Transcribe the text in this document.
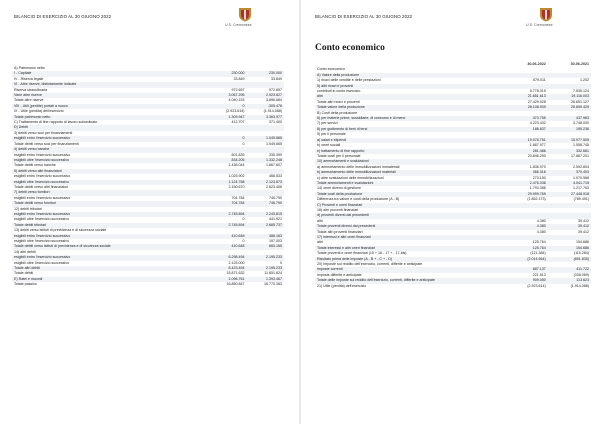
BILANCIO DI ESERCIZIO AL 30 GIUGNO 2022
U.S. Cremonese
A) Patrimonio netto		
I - Capitale	230.000	230.000
IV - Riserva legale	33.849	33.849
VI - Altre riserve, distintamente indicate		
Riserva straordinaria	972.657	972.657
Varie altre riserve	3.067.295	2.923.627
Totale altre riserve	4.040.153	3.896.684
VIII - Utili (perdite) portati a nuovo	0	-305.476
IX - Utile (perdita) dell'esercizio	(2.923.614)	(1.914.088)
Totale patrimonio netto	1.309.947	3.363.977
C) Trattamento di fine rapporto di lavoro subordinato	412.707	371.400
D) Debiti		
3) debiti verso soci per finanziamenti		
esigibili entro l'esercizio successivo	0	1.049.665
Totale debiti verso soci per finanziamenti	0	1.049.665
4) debiti verso banche		
esigibili entro l'esercizio successivo	601.839	335.399
esigibili oltre l'esercizio successivo	834.205	1.332.248
Totale debiti verso banche	1.436.044	1.667.607
5) debiti verso altri finanziatori		
esigibili entro l'esercizio successivo	1.025.902	466.533
esigibili oltre l'esercizio successivo	1.124.768	2.123.873
Totale debiti verso altri finanziatori	2.150.670	2.623.406
7) debiti verso fornitori		
esigibili entro l'esercizio successivo	704.784	746.790
Totale debiti verso fornitori	704.784	746.790
12) debiti tributari		
esigibili entro l'esercizio successivo	2.745.894	2.243.815
esigibili oltre l'esercizio successivo	0	441.921
Totale debiti tributari	2.745.894	2.685.737
13) debiti verso istituti di previdenza e di sicurezza sociale		
esigibili entro l'esercizio successivo	410.648	486.163
esigibili oltre l'esercizio successivo	0	197.003
Totale debiti verso istituti di previdenza e di sicurezza sociale	410.648	683.165
14) altri debiti		
esigibili entro l'esercizio successivo	6.298.494	2.195.233
esigibili oltre l'esercizio successivo	2.125.000	0
Totale altri debiti	8.423.494	2.195.233
Totale debiti	15.871.632	11.651.624
E) Ratei e risconti	1.096.761	1.393.467
Totale passivo	16.850.847	16.770.363
BILANCIO DI ESERCIZIO AL 30 GIUGNO 2022
U.S. Cremonese
Conto economico
	30-06-2022	30-06-2021
Conto economico		
A) Valore della produzione		
1) ricavi delle vendite e delle prestazioni	679.011	1.202
5) altri ricavi e proventi		
contributi in conto esercizio	5.778.315	7.535.124
altri	21.651.613	19.116.003
Totale altri ricavi e proventi	27.429.928	26.651.127
Totale valore della produzione	28.108.939	26.659.429
B) Costi della produzione		
6) per materie prime, sussidiarie, di consumo e di merci	473.755	437.983
7) per servizi	4.223.432	3.748.000
8) per godimento di beni di terzi	186.837	195.236
9) per il personale		
a) salari e stipendi	19.076.751	15.977.505
b) oneri sociali	1.687.977	1.558.745
e) trattamento di fine rapporto	281.486	332.681
Totale costi per il personale	20.846.290	17.867.201
10) ammortamenti e svalutazioni		
a) ammortamento delle immobilizzazioni immateriali	1.836.970	2.592.804
b) ammortamento delle immobilizzazioni materiali	366.316	370.403
c) altre svalutazioni delle immobilizzazioni	273.150	1.070.568
Totale ammortamenti e svalutazioni	2.476.336	4.041.715
14) oneri diversi di gestione	1.793.386	1.217.763
Totale costi della produzione	29.999.769	27.448.918
Differenza tra valore e costi della produzione (A - B)	(1.852.173)	(789.491)
C) Proventi e oneri finanziari		
16) altri proventi finanziari		
d) proventi diversi dai precedenti		
altri	4.380	39.412
Totale proventi diversi dai precedenti	4.380	39.412
Totale altri proventi finanziari	4.380	39.412
17) interessi e altri oneri finanziari		
altri	125.764	154.686
Totale interessi e altri oneri finanziari	125.764	154.686
Totale proventi e oneri finanziari (15 + 16 - 17 + - 17-bis)	(121.384)	(115.284)
Risultato prima delle imposte (A - B + - C + - D)	(2.014.564)	(891.835)
20) Imposte sul reddito dell'esercizio, correnti, differite e anticipate		
imposte correnti	687.137	411.722
imposte differite e anticipate	221.913	(338.069)
Totale delle imposte sul reddito dell'esercizio, correnti, differite e anticipate	909.050	113.623
21) Utile (perdita) dell'esercizio	(2.923.614)	(1.914.088)
